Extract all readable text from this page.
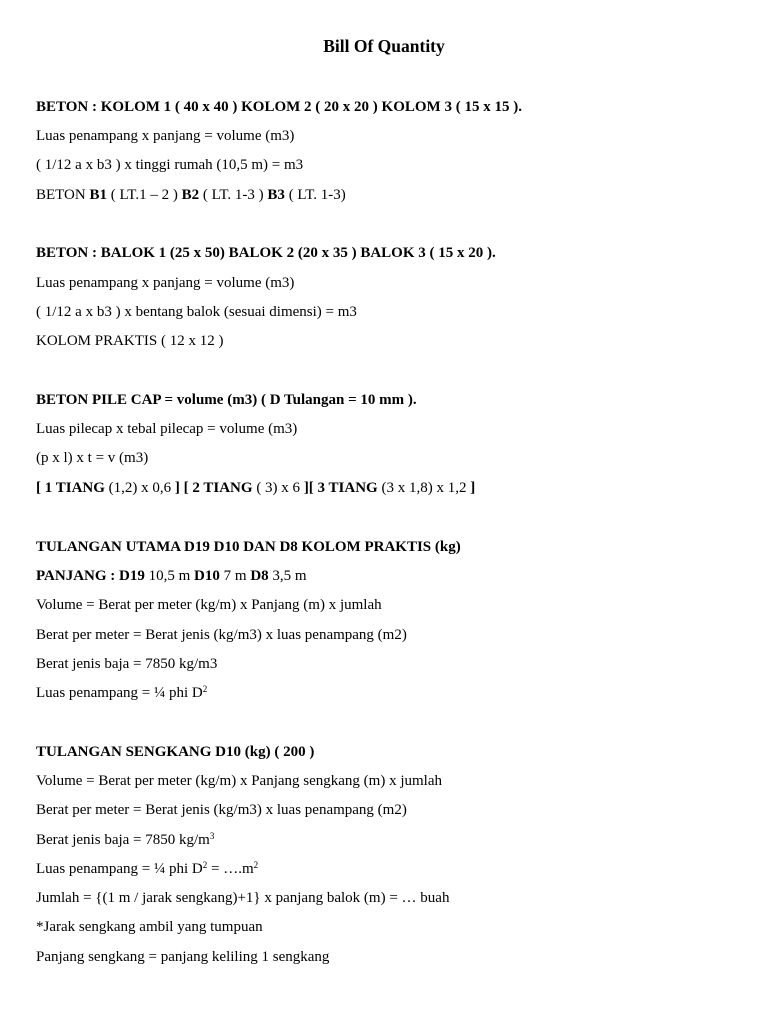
Bill Of Quantity

BETON : KOLOM 1 ( 40 x 40 ) KOLOM 2 ( 20 x 20 ) KOLOM 3 ( 15 x 15 ).

Luas penampang x panjang = volume (m3)

( 1/12 a x b3 ) x tinggi rumah (10,5 m) = m3

BETON B1 ( LT.1 – 2 ) B2 ( LT. 1-3 ) B3 ( LT. 1-3)

BETON : BALOK 1 (25 x 50) BALOK 2 (20 x 35 ) BALOK 3 ( 15 x 20 ).

Luas penampang x panjang = volume (m3)

( 1/12 a x b3 ) x bentang balok (sesuai dimensi) = m3

KOLOM PRAKTIS ( 12 x 12 )

BETON PILE CAP = volume (m3) ( D Tulangan = 10 mm ).

Luas pilecap x tebal pilecap = volume (m3)

(p x l) x t = v (m3)

[ 1 TIANG (1,2) x 0,6 ] [ 2 TIANG ( 3) x 6 ][ 3 TIANG (3 x 1,8) x 1,2 ]

TULANGAN UTAMA D19 D10 DAN D8 KOLOM PRAKTIS (kg)

PANJANG : D19 10,5 m D10 7 m D8 3,5 m

Volume = Berat per meter (kg/m) x Panjang (m) x jumlah

Berat per meter = Berat jenis (kg/m3) x luas penampang (m2)

Berat jenis baja = 7850 kg/m3

Luas penampang = ¼ phi $D^2$

TULANGAN SENGKANG D10 (kg) ( 200 )

Volume = Berat per meter (kg/m) x Panjang sengkang (m) x jumlah

Berat per meter = Berat jenis (kg/m3) x luas penampang (m2)

Berat jenis baja = 7850 $kg/m^3$

Luas penampang = ¼ phi $D^2$ = $\dots.m^2$

Jumlah = {(1 m / jarak sengkang)+1} x panjang balok (m) = … buah

*Jarak sengkang ambil yang tumpuan

Panjang sengkang = panjang keliling 1 sengkang
